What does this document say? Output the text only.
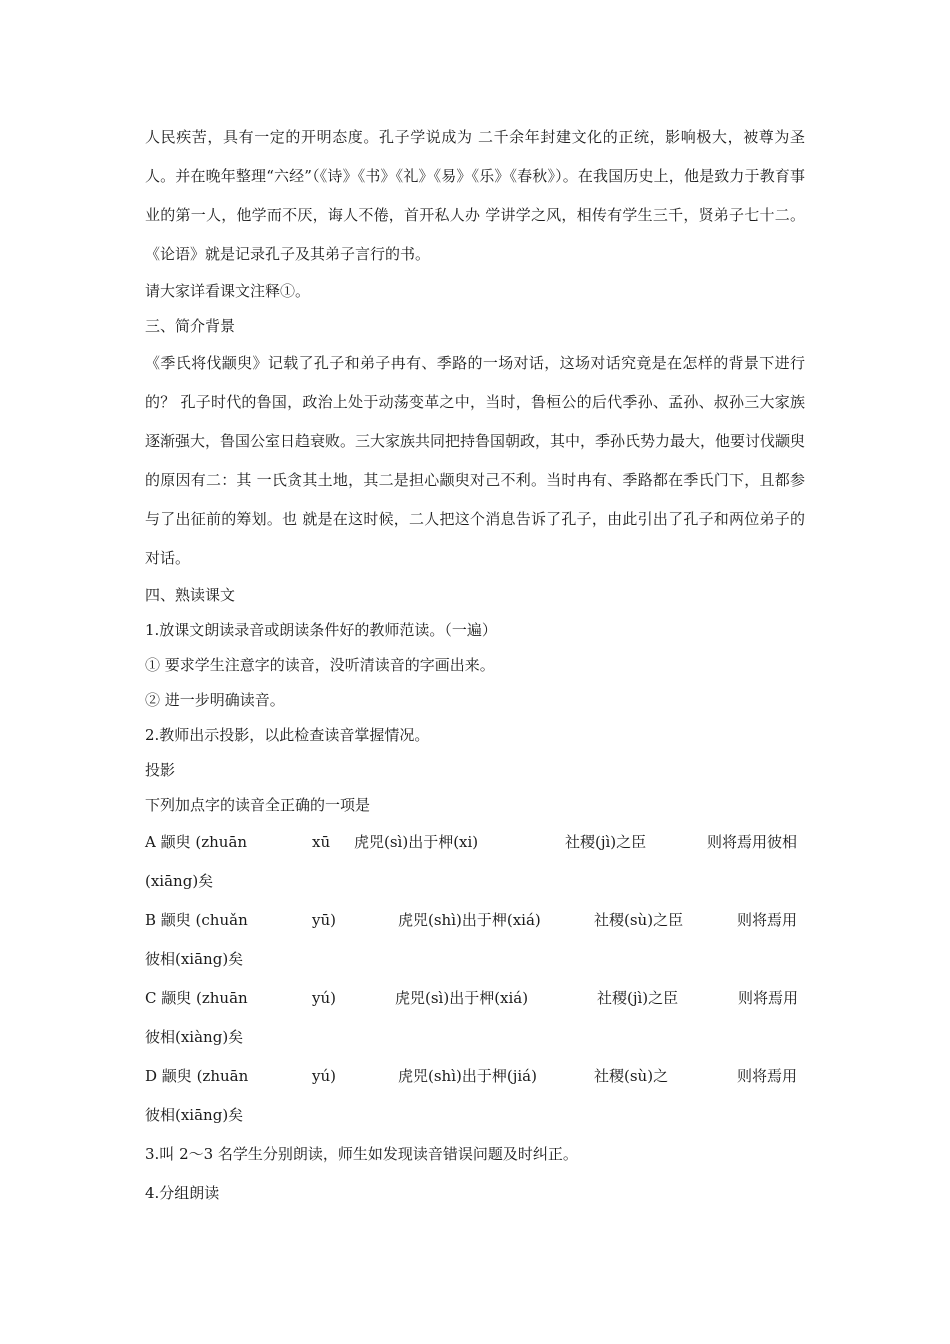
人民疾苦，具有一定的开明态度。孔子学说成为 二千余年封建文化的正统，影响极大，被尊为圣人。并在晚年整理“六经”（《诗》《书》《礼》《易》《乐》《春秋》）。在我国历史上，他是致力于教育事业的第一人，他学而不厌，诲人不倦，首开私人办 学讲学之风，相传有学生三千，贤弟子七十二。《论语》就是记录孔子及其弟子言行的书。

请大家详看课文注释①。

三、简介背景

《季氏将伐颛臾》记载了孔子和弟子冉有、季路的一场对话，这场对话究竟是在怎样的背景下进行的？ 孔子时代的鲁国，政治上处于动荡变革之中，当时，鲁桓公的后代季孙、孟孙、叔孙三大家族逐渐强大，鲁国公室日趋衰败。三大家族共同把持鲁国朝政，其中，季孙氏势力最大，他要讨伐颛臾的原因有二：其 一氏贪其土地，其二是担心颛臾对己不利。当时冉有、季路都在季氏门下，且都参与了出征前的筹划。也 就是在这时候，二人把这个消息告诉了孔子，由此引出了孔子和两位弟子的对话。

四、熟读课文

1.放课文朗读录音或朗读条件好的教师范读。（一遍）

① 要求学生注意字的读音，没听清读音的字画出来。

② 进一步明确读音。

2.教师出示投影，以此检查读音掌握情况。

投影

下列加点字的读音全正确的一项是

A 颛臾 (zhuān	xū 虎兕(sì)出于柙(xi)	社稷(jì)之臣	则将焉用彼相
(xiāng)矣
B 颛臾 (chuǎn	yū)	虎兕(shì)出于柙(xiá)	社稷(sù)之臣	则将焉用
彼相(xiāng)矣
C 颛臾 (zhuān	yú)	虎兕(sì)出于柙(xiá)	社稷(jì)之臣	则将焉用
彼相(xiàng)矣
D 颛臾 (zhuān	yú)	虎兕(shì)出于柙(jiá)	社稷(sù)之	则将焉用
彼相(xiāng)矣

3.叫 2～3 名学生分别朗读，师生如发现读音错误问题及时纠正。

4.分组朗读
